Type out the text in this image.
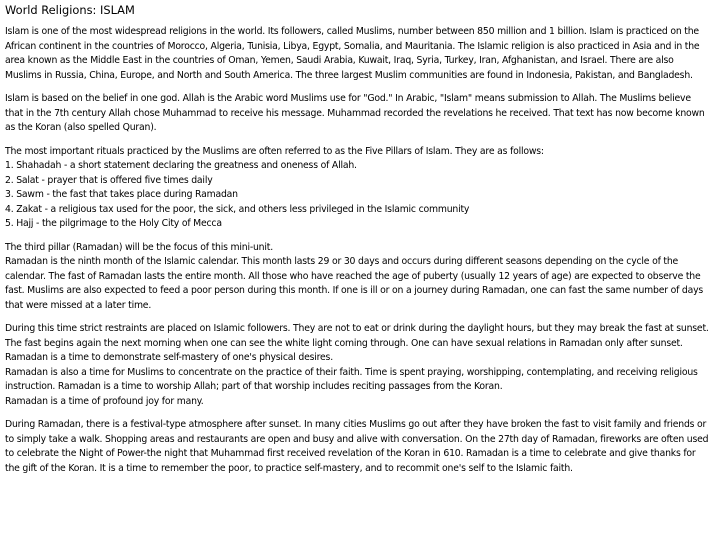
World Religions: ISLAM

Islam is one of the most widespread religions in the world. Its followers, called Muslims, number between 850 million and 1 billion. Islam is practiced on the African continent in the countries of Morocco, Algeria, Tunisia, Libya, Egypt, Somalia, and Mauritania. The Islamic religion is also practiced in Asia and in the area known as the Middle East in the countries of Oman, Yemen, Saudi Arabia, Kuwait, Iraq, Syria, Turkey, Iran, Afghanistan, and Israel. There are also Muslims in Russia, China, Europe, and North and South America. The three largest Muslim communities are found in Indonesia, Pakistan, and Bangladesh.

Islam is based on the belief in one god. Allah is the Arabic word Muslims use for "God." In Arabic, "Islam" means submission to Allah. The Muslims believe that in the 7th century Allah chose Muhammad to receive his message. Muhammad recorded the revelations he received. That text has now become known as the Koran (also spelled Quran).

The most important rituals practiced by the Muslims are often referred to as the Five Pillars of Islam. They are as follows:
1. Shahadah - a short statement declaring the greatness and oneness of Allah.
2. Salat - prayer that is offered five times daily
3. Sawm - the fast that takes place during Ramadan
4. Zakat - a religious tax used for the poor, the sick, and others less privileged in the Islamic community
5. Hajj - the pilgrimage to the Holy City of Mecca
The third pillar (Ramadan) will be the focus of this mini-unit.
Ramadan is the ninth month of the Islamic calendar. This month lasts 29 or 30 days and occurs during different seasons depending on the cycle of the calendar. The fast of Ramadan lasts the entire month. All those who have reached the age of puberty (usually 12 years of age) are expected to observe the fast. Muslims are also expected to feed a poor person during this month. If one is ill or on a journey during Ramadan, one can fast the same number of days that were missed at a later time.
During this time strict restraints are placed on Islamic followers. They are not to eat or drink during the daylight hours, but they may break the fast at sunset. The fast begins again the next morning when one can see the white light coming through. One can have sexual relations in Ramadan only after sunset. Ramadan is a time to demonstrate self-mastery of one's physical desires.
Ramadan is also a time for Muslims to concentrate on the practice of their faith. Time is spent praying, worshipping, contemplating, and receiving religious instruction. Ramadan is a time to worship Allah; part of that worship includes reciting passages from the Koran.
Ramadan is a time of profound joy for many.

During Ramadan, there is a festival-type atmosphere after sunset. In many cities Muslims go out after they have broken the fast to visit family and friends or to simply take a walk. Shopping areas and restaurants are open and busy and alive with conversation. On the 27th day of Ramadan, fireworks are often used to celebrate the Night of Power-the night that Muhammad first received revelation of the Koran in 610. Ramadan is a time to celebrate and give thanks for the gift of the Koran. It is a time to remember the poor, to practice self-mastery, and to recommit one's self to the Islamic faith.
